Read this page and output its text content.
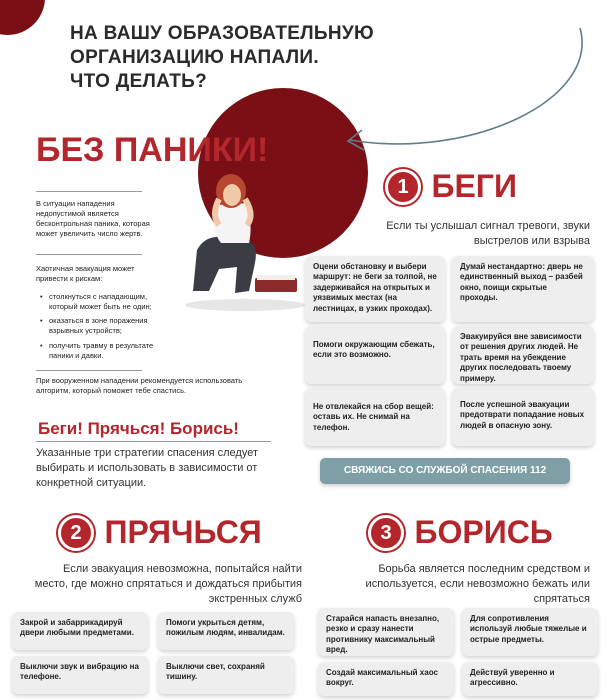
НА ВАШУ ОБРАЗОВАТЕЛЬНУЮ
ОРГАНИЗАЦИЮ НАПАЛИ.
ЧТО ДЕЛАТЬ?
БЕЗ ПАНИКИ!
В ситуации нападения недопустимой является бесконтрольная паника, которая может увеличить число жертв.
Хаотичная эвакуация может привести к рискам:
• столкнуться с нападающим, который может быть не один;
• оказаться в зоне поражения взрывных устройств;
• получить травму в результате паники и давки.
При вооруженном нападении рекомендуется использовать алгоритм, который поможет тебе спастись.
Беги! Прячься! Борись!
Указанные три стратегии спасения следует выбирать и использовать в зависимости от конкретной ситуации.
1 БЕГИ
Если ты услышал сигнал тревоги, звуки выстрелов или взрыва
Оцени обстановку и выбери маршрут: не беги за толпой, не задерживайся на открытых и уязвимых местах (на лестницах, в узких проходах).
Думай нестандартно: дверь не единственный выход – разбей окно, поищи скрытые проходы.
Помоги окружающим сбежать, если это возможно.
Эвакуируйся вне зависимости от решения других людей. Не трать время на убеждение других последовать твоему примеру.
Не отвлекайся на сбор вещей: оставь их. Не снимай на телефон.
После успешной эвакуации предотврати попадание новых людей в опасную зону.
СВЯЖИСЬ СО СЛУЖБОЙ СПАСЕНИЯ 112
2 ПРЯЧЬСЯ
Если эвакуация невозможна, попытайся найти место, где можно спрятаться и дождаться прибытия экстренных служб
Закрой и забаррикадируй двери любыми предметами.
Помоги укрыться детям, пожилым людям, инвалидам.
Выключи звук и вибрацию на телефоне.
Выключи свет, сохраняй тишину.
3 БОРИСЬ
Борьба является последним средством и используется, если невозможно бежать или спрятаться
Старайся напасть внезапно, резко и сразу нанести противнику максимальный вред.
Для сопротивления используй любые тяжелые и острые предметы.
Создай максимальный хаос вокруг.
Действуй уверенно и агрессивно.
